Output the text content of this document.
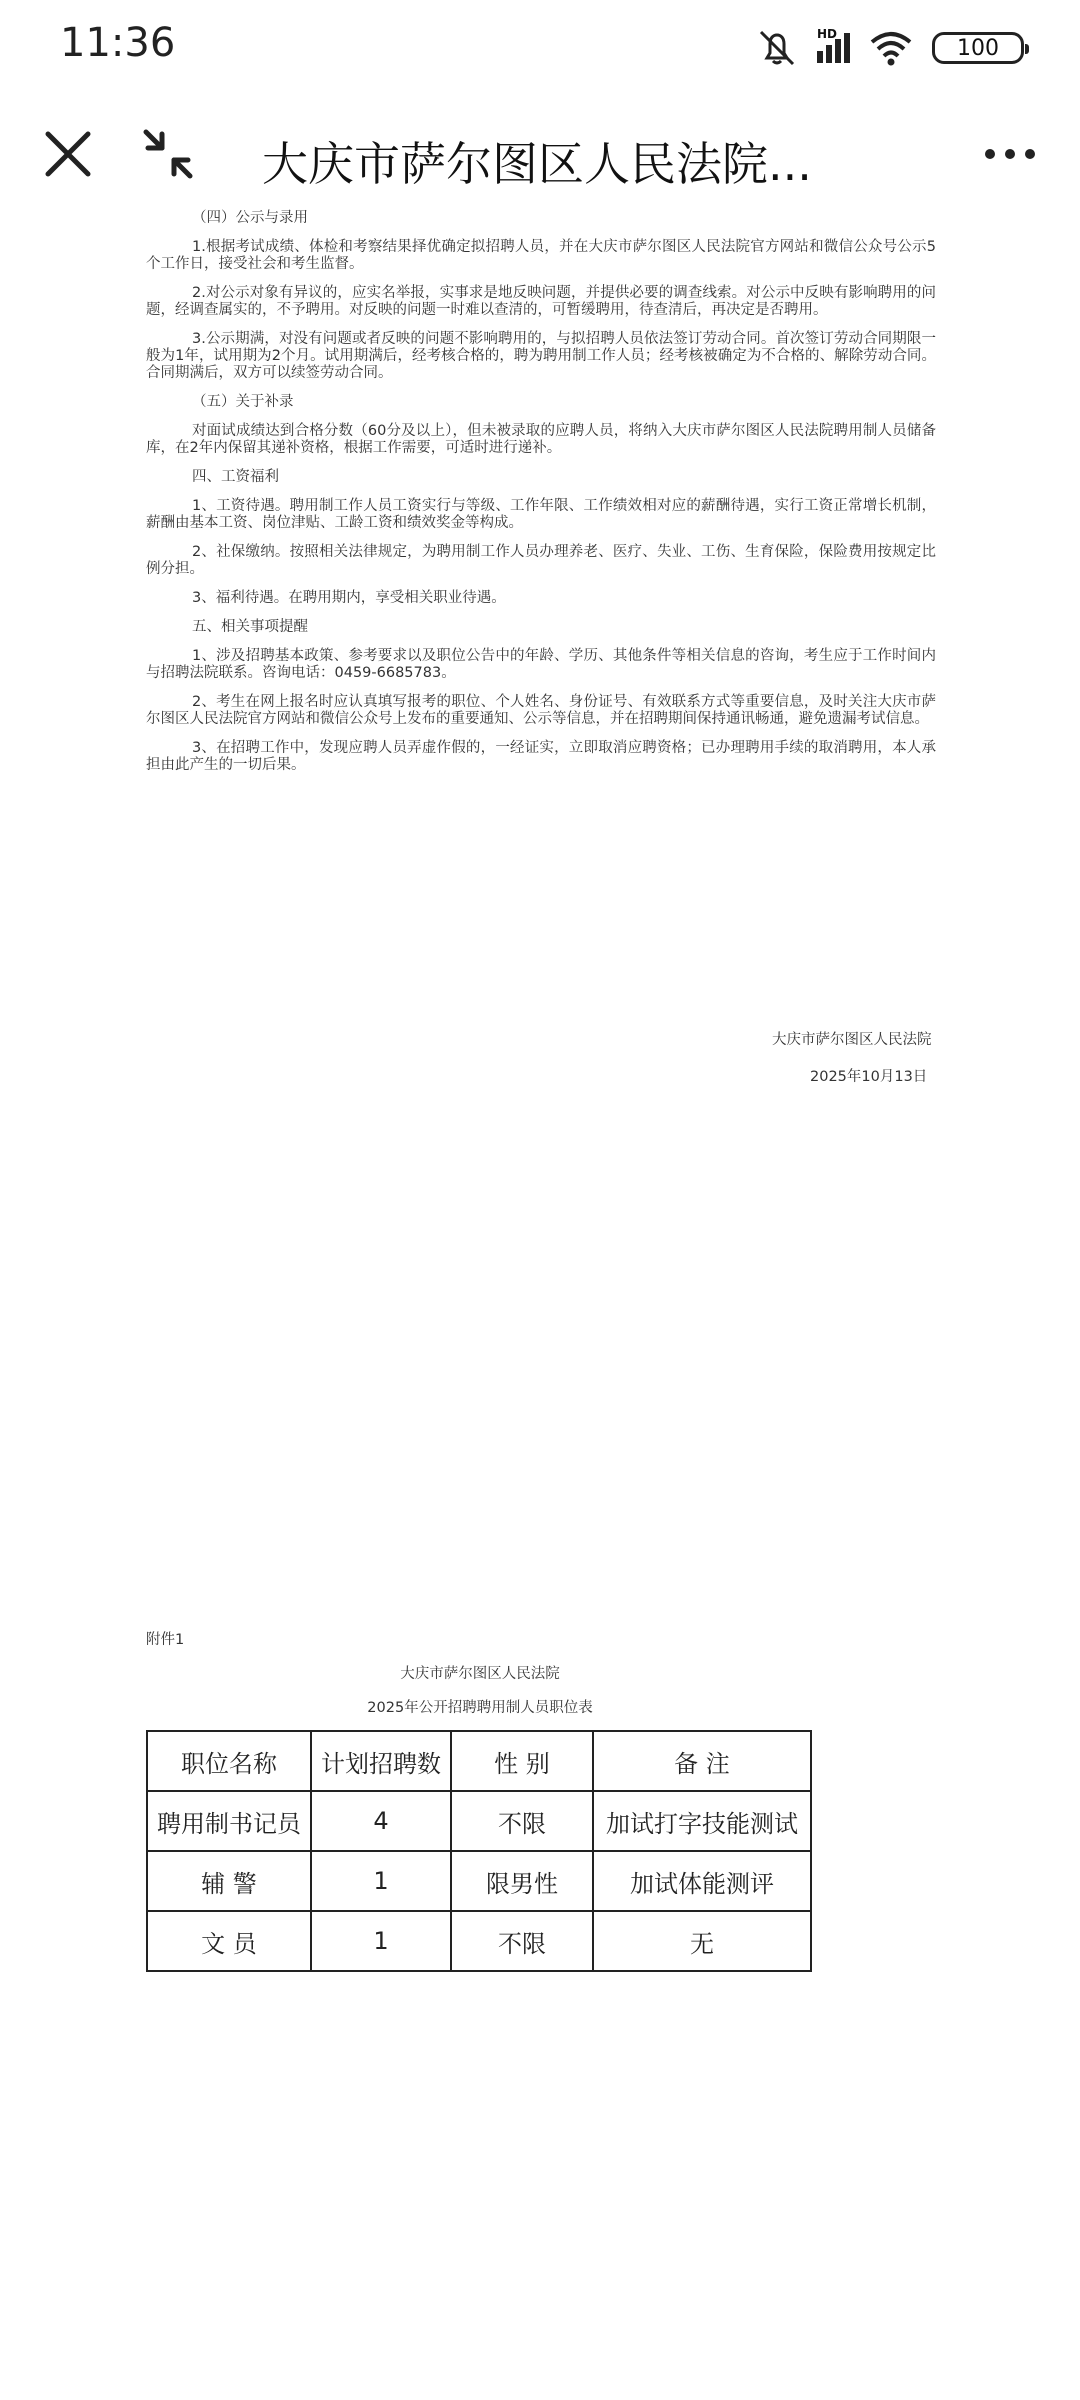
11:36	HD
100
大庆市萨尔图区人民法院...
（四）公示与录用

1.根据考试成绩、体检和考察结果择优确定拟招聘人员，并在大庆市萨尔图区人民法院官方网站和微信公众号公示5个工作日，接受社会和考生监督。

2.对公示对象有异议的，应实名举报，实事求是地反映问题，并提供必要的调查线索。对公示中反映有影响聘用的问题，经调查属实的，不予聘用。对反映的问题一时难以查清的，可暂缓聘用，待查清后，再决定是否聘用。

3.公示期满，对没有问题或者反映的问题不影响聘用的，与拟招聘人员依法签订劳动合同。首次签订劳动合同期限一般为1年，试用期为2个月。试用期满后，经考核合格的，聘为聘用制工作人员；经考核被确定为不合格的、解除劳动合同。合同期满后，双方可以续签劳动合同。

（五）关于补录

对面试成绩达到合格分数（60分及以上），但未被录取的应聘人员，将纳入大庆市萨尔图区人民法院聘用制人员储备库，在2年内保留其递补资格，根据工作需要，可适时进行递补。

四、工资福利

1、工资待遇。聘用制工作人员工资实行与等级、工作年限、工作绩效相对应的薪酬待遇，实行工资正常增长机制，薪酬由基本工资、岗位津贴、工龄工资和绩效奖金等构成。

2、社保缴纳。按照相关法律规定，为聘用制工作人员办理养老、医疗、失业、工伤、生育保险，保险费用按规定比例分担。

3、福利待遇。在聘用期内，享受相关职业待遇。

五、相关事项提醒

1、涉及招聘基本政策、参考要求以及职位公告中的年龄、学历、其他条件等相关信息的咨询，考生应于工作时间内与招聘法院联系。咨询电话：0459-6685783。

2、考生在网上报名时应认真填写报考的职位、个人姓名、身份证号、有效联系方式等重要信息，及时关注大庆市萨尔图区人民法院官方网站和微信公众号上发布的重要通知、公示等信息，并在招聘期间保持通讯畅通，避免遗漏考试信息。

3、在招聘工作中，发现应聘人员弄虚作假的，一经证实，立即取消应聘资格；已办理聘用手续的取消聘用，本人承担由此产生的一切后果。

大庆市萨尔图区人民法院
2025年10月13日
附件1
大庆市萨尔图区人民法院
2025年公开招聘聘用制人员职位表
职位名称	计划招聘数	性 别	备 注
聘用制书记员	4	不限	加试打字技能测试
辅 警	1	限男性	加试体能测评
文 员	1	不限	无
